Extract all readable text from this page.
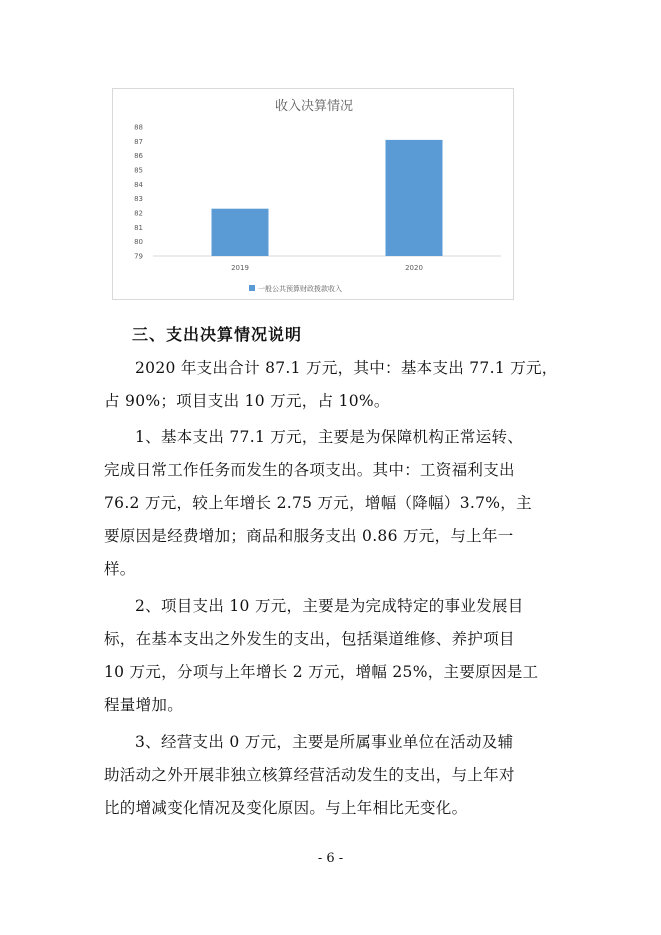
收入决算情况
79
80
81
82
83
84
85
86
87
88
2019	2020
一般公共预算财政拨款收入
三、支出决算情况说明
2020 年支出合计 87.1 万元，其中：基本支出 77.1 万元，
占 90%；项目支出 10 万元，占 10%。
1、基本支出 77.1 万元，主要是为保障机构正常运转、
完成日常工作任务而发生的各项支出。其中：工资福利支出
76.2 万元，较上年增长 2.75 万元，增幅（降幅）3.7%，主
要原因是经费增加；商品和服务支出 0.86 万元，与上年一
样。
2、项目支出 10 万元，主要是为完成特定的事业发展目
标，在基本支出之外发生的支出，包括渠道维修、养护项目
10 万元，分项与上年增长 2 万元，增幅 25%，主要原因是工
程量增加。
3、经营支出 0 万元，主要是所属事业单位在活动及辅
助活动之外开展非独立核算经营活动发生的支出，与上年对
比的增减变化情况及变化原因。与上年相比无变化。
- 6 -
